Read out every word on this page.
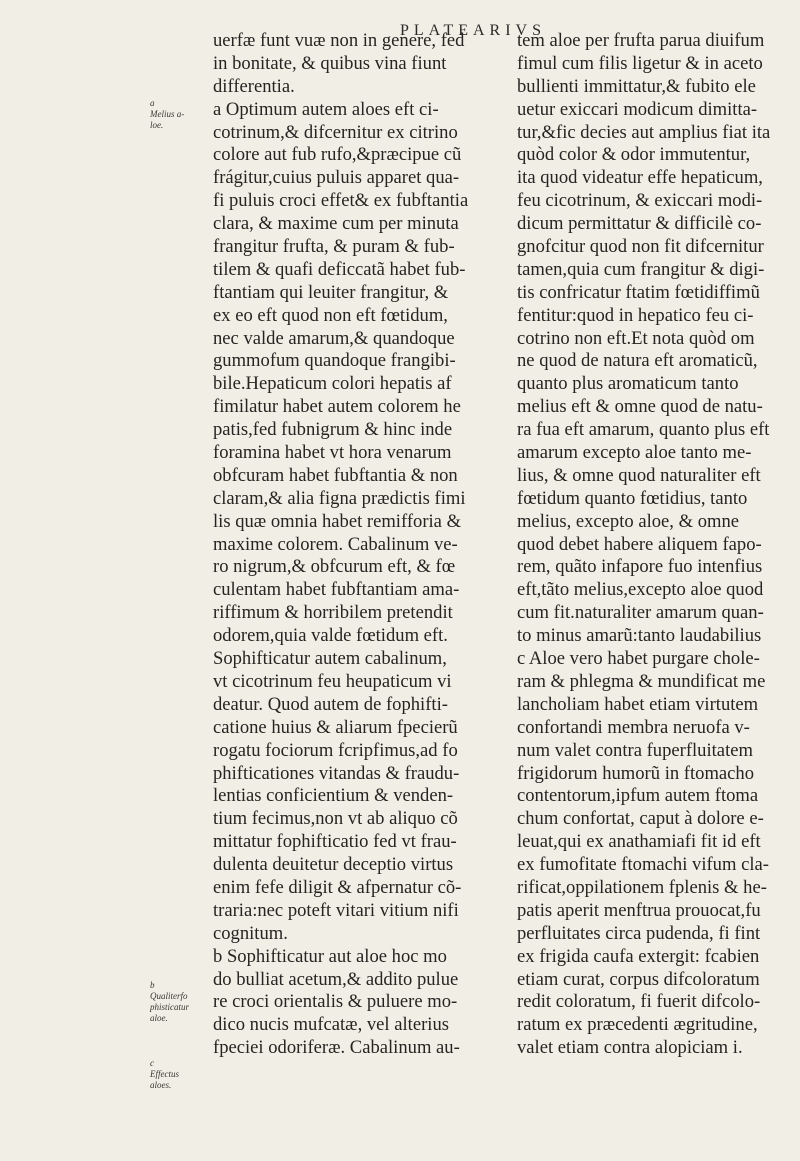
PLATEARIVS
a
Melius a-
loe.
b
Qualiterfo
phisticatur
aloe.
c
Effectus
aloes.
uerfæ funt vuæ non in genere, fed
in bonitate, & quibus vina fiunt
differentia.
a Optimum autem aloes eft ci-
cotrinum,& difcernitur ex citrino
colore aut fub rufo,&præcipue cũ
frágitur,cuius puluis apparet qua-
fi puluis croci effet& ex fubftantia
clara, & maxime cum per minuta
frangitur frufta, & puram & fub-
tilem & quafi deficcatã habet fub-
ftantiam qui leuiter frangitur, &
ex eo eft quod non eft fœtidum,
nec valde amarum,& quandoque
gummofum quandoque frangibi-
bile.Hepaticum colori hepatis af
fimilatur habet autem colorem he
patis,fed fubnigrum & hinc inde
foramina habet vt hora venarum
obfcuram habet fubftantia & non
claram,& alia figna prædictis fimi
lis quæ omnia habet remifforia &
maxime colorem. Cabalinum ve-
ro nigrum,& obfcurum eft, & fœ
culentam habet fubftantiam ama-
riffimum & horribilem pretendit
odorem,quia valde fœtidum eft.
Sophifticatur autem cabalinum,
vt cicotrinum feu heupaticum vi
deatur. Quod autem de fophifti-
catione huius & aliarum fpecierũ
rogatu fociorum fcripfimus,ad fo
phifticationes vitandas & fraudu-
lentias conficientium & venden-
tium fecimus,non vt ab aliquo cõ
mittatur fophifticatio fed vt frau-
dulenta deuitetur deceptio virtus
enim fefe diligit & afpernatur cõ-
traria:nec poteft vitari vitium nifi
cognitum.
b Sophifticatur aut aloe hoc mo
do bulliat acetum,& addito pulue
re croci orientalis & puluere mo-
dico nucis mufcatæ, vel alterius
fpeciei odoriferæ. Cabalinum au-
tem aloe per frufta parua diuifum
fimul cum filis ligetur & in aceto
bullienti immittatur,& fubito ele
uetur exiccari modicum dimitta-
tur,&fic decies aut amplius fiat ita
quòd color & odor immutentur,
ita quod videatur effe hepaticum,
feu cicotrinum, & exiccari modi-
dicum permittatur & difficilè co-
gnofcitur quod non fit difcernitur
tamen,quia cum frangitur & digi-
tis confricatur ftatim fœtidiffimũ
fentitur:quod in hepatico feu ci-
cotrino non eft.Et nota quòd om
ne quod de natura eft aromaticũ,
quanto plus aromaticum tanto
melius eft & omne quod de natu-
ra fua eft amarum, quanto plus eft
amarum excepto aloe tanto me-
lius, & omne quod naturaliter eft
fœtidum quanto fœtidius, tanto
melius, excepto aloe, & omne
quod debet habere aliquem fapo-
rem, quãto infapore fuo intenfius
eft,tãto melius,excepto aloe quod
cum fit.naturaliter amarum quan-
to minus amarũ:tanto laudabilius
c Aloe vero habet purgare chole-
ram & phlegma & mundificat me
lancholiam habet etiam virtutem
confortandi membra neruofa v-
num valet contra fuperfluitatem
frigidorum humorũ in ftomacho
contentorum,ipfum autem ftoma
chum confortat, caput à dolore e-
leuat,qui ex anathamiafi fit id eft
ex fumofitate ftomachi vifum cla-
rificat,oppilationem fplenis & he-
patis aperit menftrua prouocat,fu
perfluitates circa pudenda, fi fint
ex frigida caufa extergit: fcabien
etiam curat, corpus difcoloratum
redit coloratum, fi fuerit difcolo-
ratum ex præcedenti ægritudine,
valet etiam contra alopiciam i.
